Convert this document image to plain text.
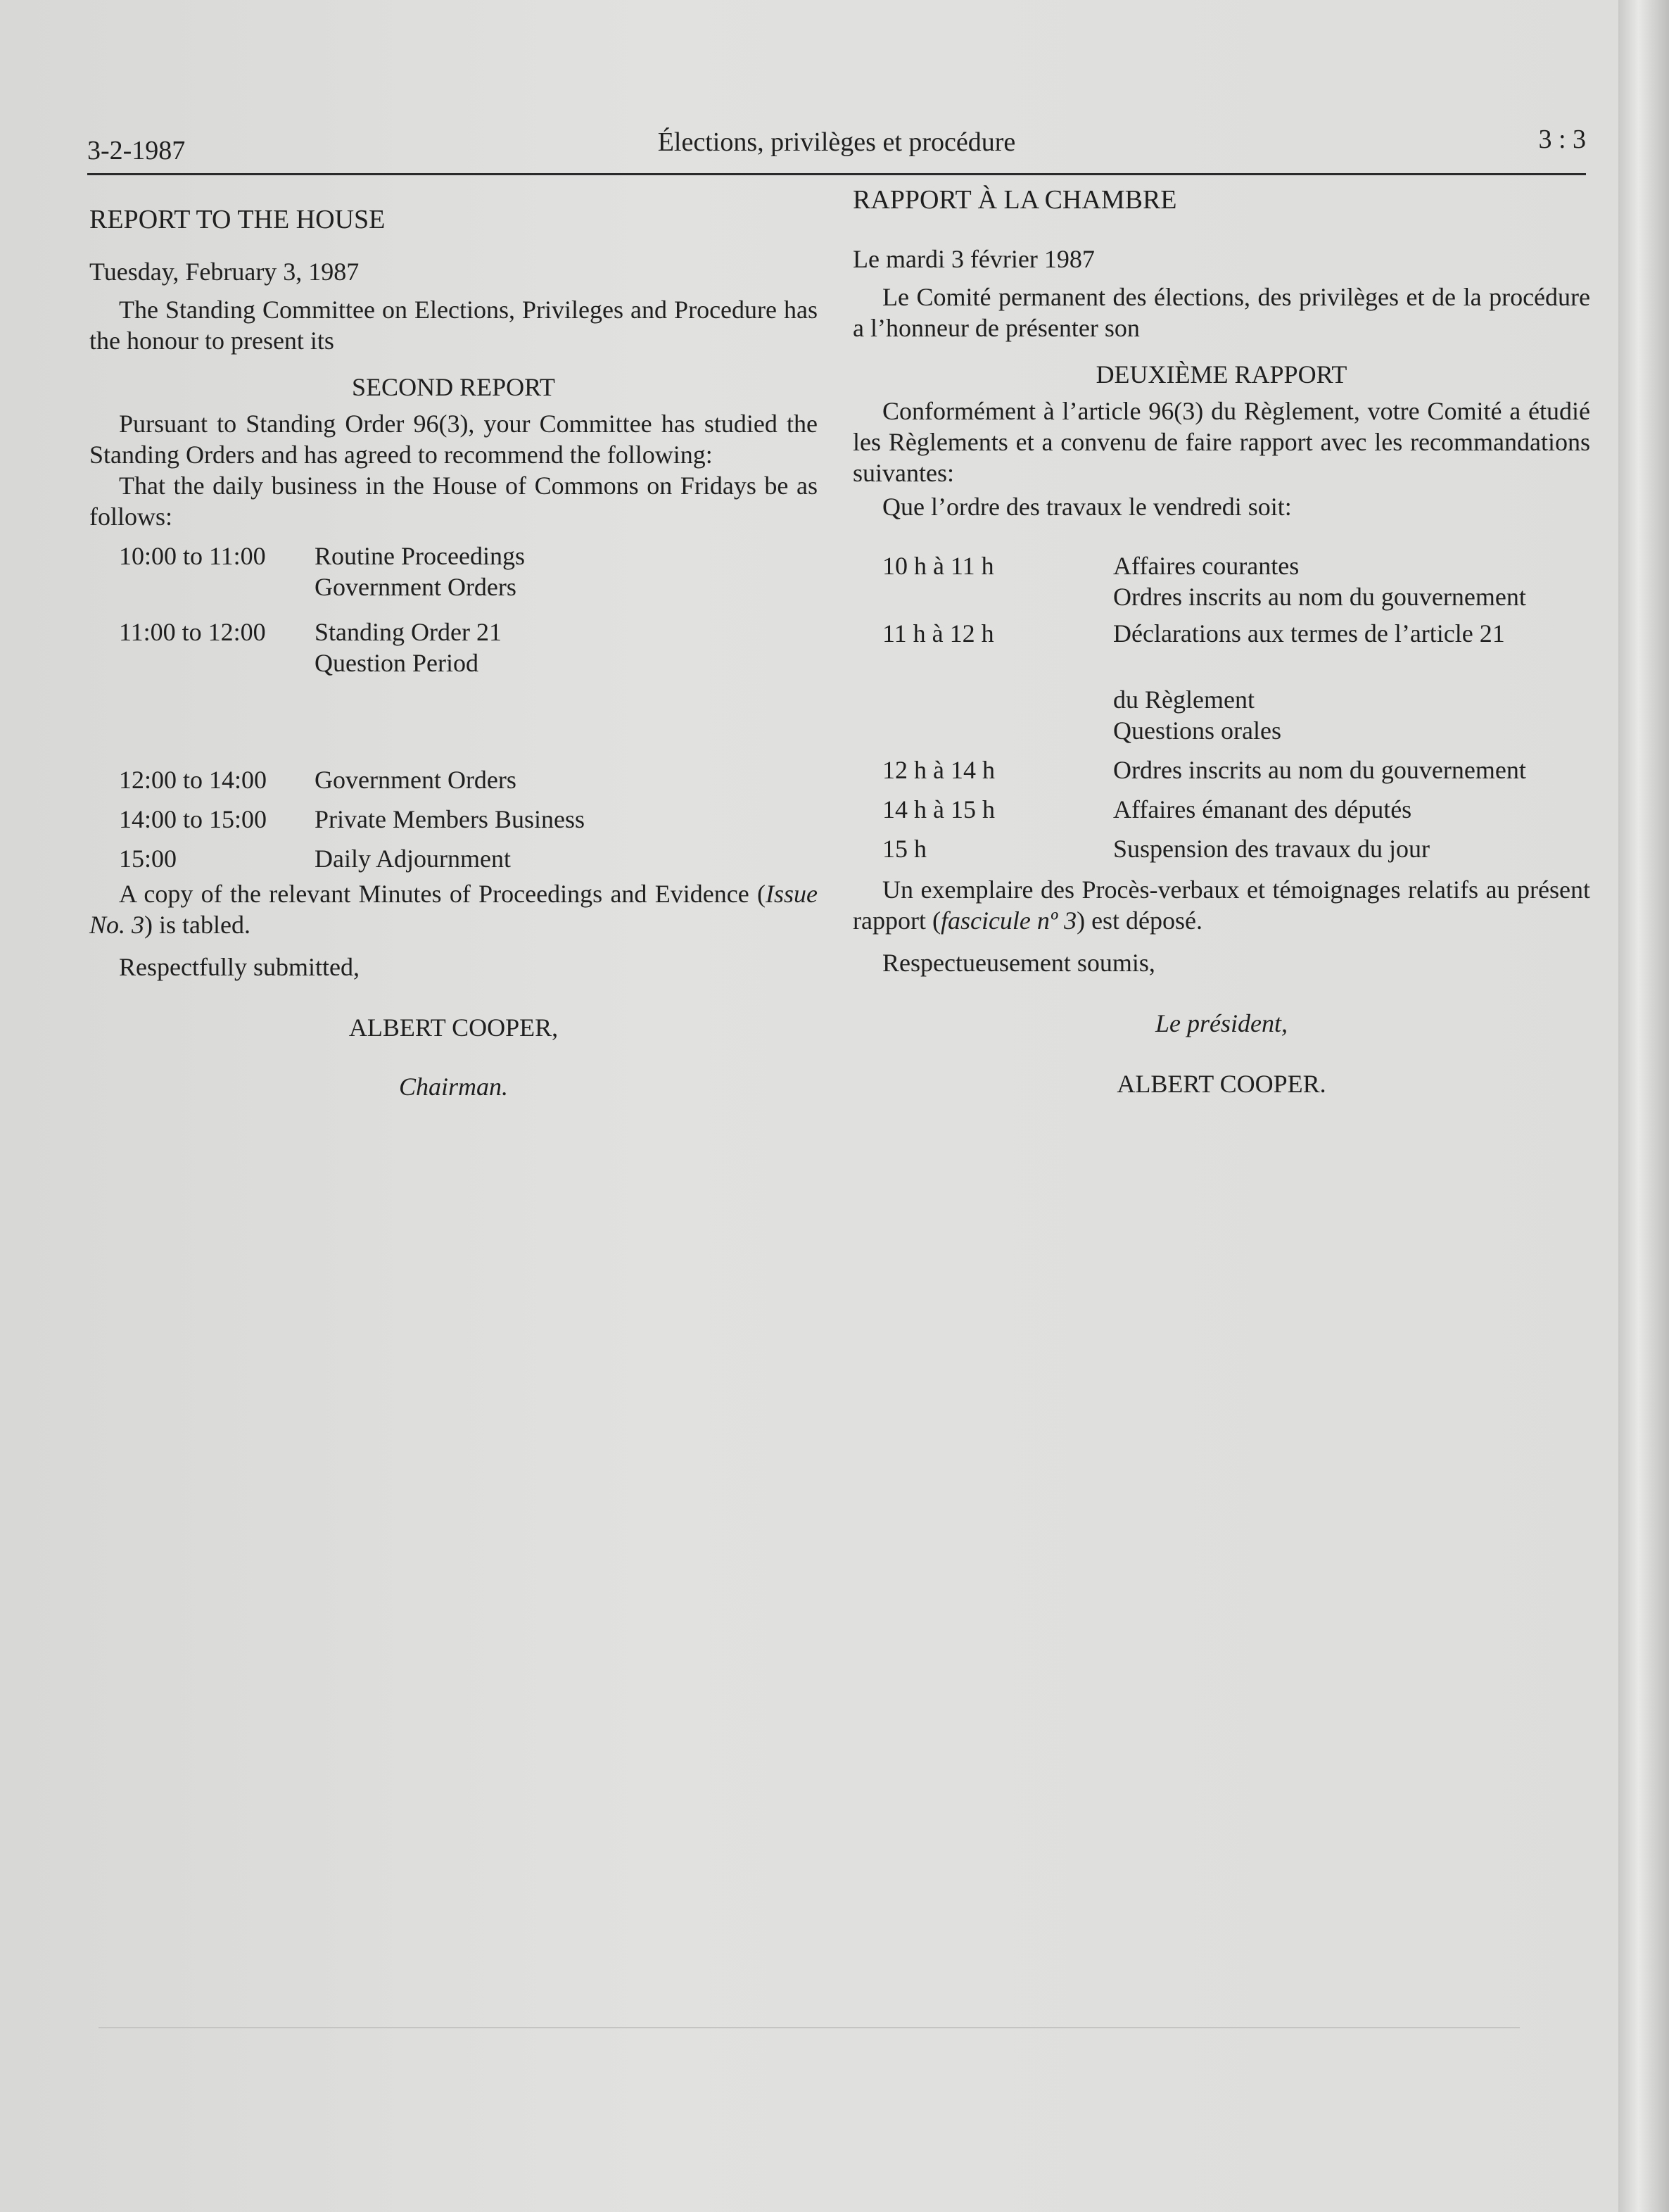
3-2-1987	Élections, privilèges et procédure	3 : 3
REPORT TO THE HOUSE
Tuesday, February 3, 1987

The Standing Committee on Elections, Privileges and Procedure has the honour to present its

SECOND REPORT

Pursuant to Standing Order 96(3), your Committee has studied the Standing Orders and has agreed to recommend the following:

That the daily business in the House of Commons on Fridays be as follows:

10:00 to 11:00	Routine Proceedings
Government Orders
11:00 to 12:00	Standing Order 21
Question Period
12:00 to 14:00	Government Orders
14:00 to 15:00	Private Members Business
15:00	Daily Adjournment

A copy of the relevant Minutes of Proceedings and Evidence (Issue No. 3) is tabled.

Respectfully submitted,

ALBERT COOPER,
Chairman.
RAPPORT À LA CHAMBRE
Le mardi 3 février 1987

Le Comité permanent des élections, des privilèges et de la procédure a l’honneur de présenter son

DEUXIÈME RAPPORT

Conformément à l’article 96(3) du Règlement, votre Comité a étudié les Règlements et a convenu de faire rapport avec les recommandations suivantes:

Que l’ordre des travaux le vendredi soit:

10 h à 11 h	Affaires courantes
Ordres inscrits au nom du gouvernement
11 h à 12 h	Déclarations aux termes de l’article 21
du Règlement
Questions orales
12 h à 14 h	Ordres inscrits au nom du gouvernement
14 h à 15 h	Affaires émanant des députés
15 h	Suspension des travaux du jour

Un exemplaire des Procès-verbaux et témoignages relatifs au présent rapport (fascicule nº 3) est déposé.

Respectueusement soumis,

Le président,
ALBERT COOPER.
